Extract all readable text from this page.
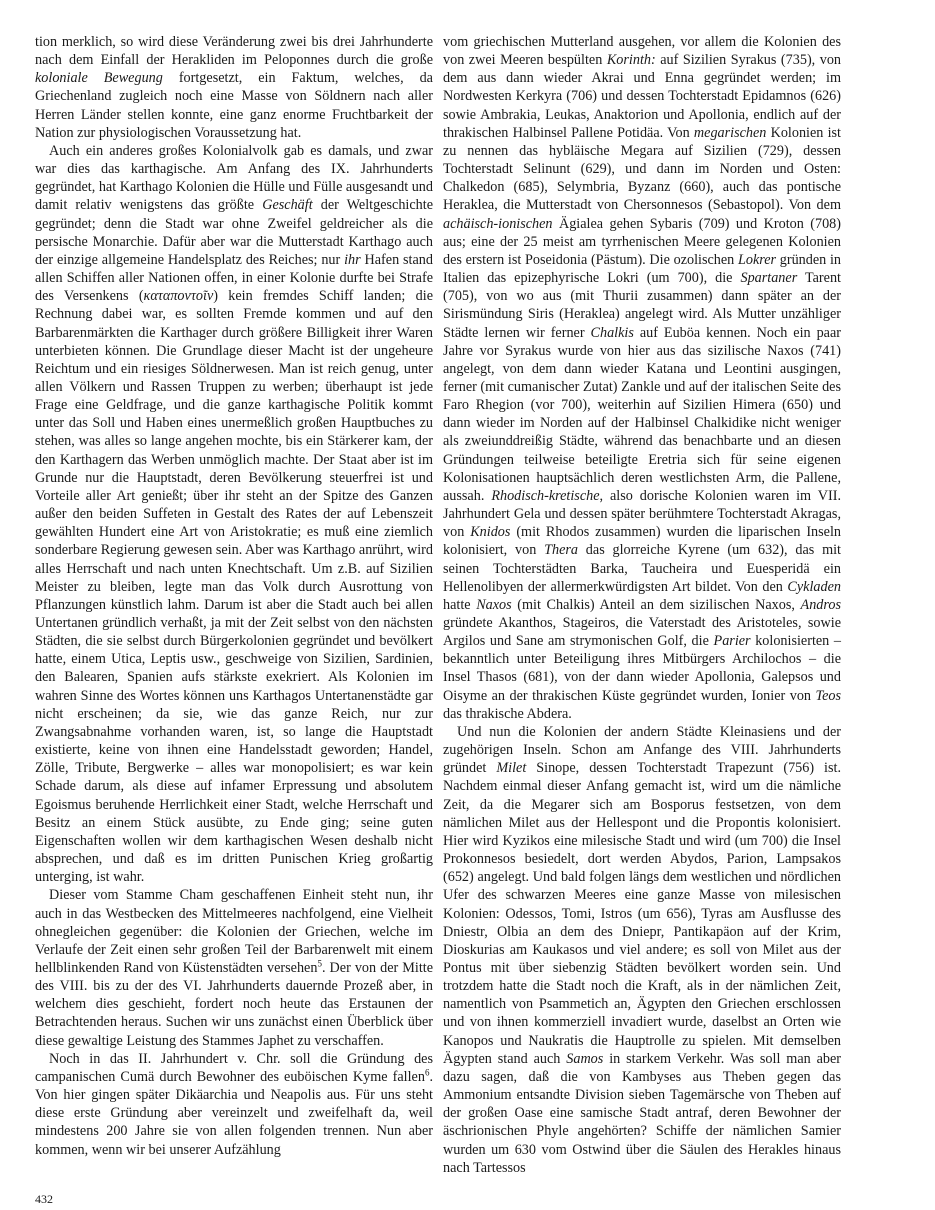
tion merklich, so wird diese Veränderung zwei bis drei Jahrhunderte nach dem Einfall der Herakliden im Peloponnes durch die große koloniale Bewegung fortgesetzt, ein Faktum, welches, da Griechenland zugleich noch eine Masse von Söldnern nach aller Herren Länder stellen konnte, eine ganz enorme Fruchtbarkeit der Nation zur physiologischen Voraussetzung hat.

Auch ein anderes großes Kolonialvolk gab es damals, und zwar war dies das karthagische. Am Anfang des IX. Jahrhunderts gegründet, hat Karthago Kolonien die Hülle und Fülle ausgesandt und damit relativ wenigstens das größte Geschäft der Weltgeschichte gegründet; denn die Stadt war ohne Zweifel geldreicher als die persische Monarchie. Dafür aber war die Mutterstadt Karthago auch der einzige allgemeine Handelsplatz des Reiches; nur ihr Hafen stand allen Schiffen aller Nationen offen, in einer Kolonie durfte bei Strafe des Versenkens (καταποντοῖν) kein fremdes Schiff landen; die Rechnung dabei war, es sollten Fremde kommen und auf den Barbarenmärkten die Karthager durch größere Billigkeit ihrer Waren unterbieten können. Die Grundlage dieser Macht ist der ungeheure Reichtum und ein riesiges Söldnerwesen. Man ist reich genug, unter allen Völkern und Rassen Truppen zu werben; überhaupt ist jede Frage eine Geldfrage, und die ganze karthagische Politik kommt unter das Soll und Haben eines unermeßlich großen Hauptbuches zu stehen, was alles so lange angehen mochte, bis ein Stärkerer kam, der den Karthagern das Werben unmöglich machte. Der Staat aber ist im Grunde nur die Hauptstadt, deren Bevölkerung steuerfrei ist und Vorteile aller Art genießt; über ihr steht an der Spitze des Ganzen außer den beiden Suffeten in Gestalt des Rates der auf Lebenszeit gewählten Hundert eine Art von Aristokratie; es muß eine ziemlich sonderbare Regierung gewesen sein. Aber was Karthago anrührt, wird alles Herrschaft und nach unten Knechtschaft. Um z.B. auf Sizilien Meister zu bleiben, legte man das Volk durch Ausrottung von Pflanzungen künstlich lahm. Darum ist aber die Stadt auch bei allen Untertanen gründlich verhaßt, ja mit der Zeit selbst von den nächsten Städten, die sie selbst durch Bürgerkolonien gegründet und bevölkert hatte, einem Utica, Leptis usw., geschweige von Sizilien, Sardinien, den Balearen, Spanien aufs stärkste exekriert. Als Kolonien im wahren Sinne des Wortes können uns Karthagos Untertanenstädte gar nicht erscheinen; da sie, wie das ganze Reich, nur zur Zwangsabnahme vorhanden waren, ist, so lange die Hauptstadt existierte, keine von ihnen eine Handelsstadt geworden; Handel, Zölle, Tribute, Bergwerke – alles war monopolisiert; es war kein Schade darum, als diese auf infamer Erpressung und absolutem Egoismus beruhende Herrlichkeit einer Stadt, welche Herrschaft und Besitz an einem Stück ausübte, zu Ende ging; seine guten Eigenschaften wollen wir dem karthagischen Wesen deshalb nicht absprechen, und daß es im dritten Punischen Krieg großartig unterging, ist wahr.

Dieser vom Stamme Cham geschaffenen Einheit steht nun, ihr auch in das Westbecken des Mittelmeeres nachfolgend, eine Vielheit ohnegleichen gegenüber: die Kolonien der Griechen, welche im Verlaufe der Zeit einen sehr großen Teil der Barbarenwelt mit einem hellblinkenden Rand von Küstenstädten versehen$^5$. Der von der Mitte des VIII. bis zu der des VI. Jahrhunderts dauernde Prozeß aber, in welchem dies geschieht, fordert noch heute das Erstaunen der Betrachtenden heraus. Suchen wir uns zunächst einen Überblick über diese gewaltige Leistung des Stammes Japhet zu verschaffen.

Noch in das II. Jahrhundert v. Chr. soll die Gründung des campanischen Cumä durch Bewohner des euböischen Kyme fallen$^6$. Von hier gingen später Dikäarchia und Neapolis aus. Für uns steht diese erste Gründung aber vereinzelt und zweifelhaft da, weil mindestens 200 Jahre sie von allen folgenden trennen. Nun aber kommen, wenn wir bei unserer Aufzählung

vom griechischen Mutterland ausgehen, vor allem die Kolonien des von zwei Meeren bespülten Korinth: auf Sizilien Syrakus (735), von dem aus dann wieder Akrai und Enna gegründet werden; im Nordwesten Kerkyra (706) und dessen Tochterstadt Epidamnos (626) sowie Ambrakia, Leukas, Anaktorion und Apollonia, endlich auf der thrakischen Halbinsel Pallene Potidäa. Von megarischen Kolonien ist zu nennen das hybläische Megara auf Sizilien (729), dessen Tochterstadt Selinunt (629), und dann im Norden und Osten: Chalkedon (685), Selymbria, Byzanz (660), auch das pontische Heraklea, die Mutterstadt von Chersonnesos (Sebastopol). Von dem achäisch-ionischen Ägialea gehen Sybaris (709) und Kroton (708) aus; eine der 25 meist am tyrrhenischen Meere gelegenen Kolonien des erstern ist Poseidonia (Pästum). Die ozolischen Lokrer gründen in Italien das epizephyrische Lokri (um 700), die Spartaner Tarent (705), von wo aus (mit Thurii zusammen) dann später an der Sirismündung Siris (Heraklea) angelegt wird. Als Mutter unzähliger Städte lernen wir ferner Chalkis auf Euböa kennen. Noch ein paar Jahre vor Syrakus wurde von hier aus das sizilische Naxos (741) angelegt, von dem dann wieder Katana und Leontini ausgingen, ferner (mit cumanischer Zutat) Zankle und auf der italischen Seite des Faro Rhegion (vor 700), weiterhin auf Sizilien Himera (650) und dann wieder im Norden auf der Halbinsel Chalkidike nicht weniger als zweiunddreißig Städte, während das benachbarte und an diesen Gründungen teilweise beteiligte Eretria sich für seine eigenen Kolonisationen hauptsächlich deren westlichsten Arm, die Pallene, aussah. Rhodisch-kretische, also dorische Kolonien waren im VII. Jahrhundert Gela und dessen später berühmtere Tochterstadt Akragas, von Knidos (mit Rhodos zusammen) wurden die liparischen Inseln kolonisiert, von Thera das glorreiche Kyrene (um 632), das mit seinen Tochterstädten Barka, Taucheira und Euesperidä ein Hellenolibyen der allermerkwürdigsten Art bildet. Von den Cykladen hatte Naxos (mit Chalkis) Anteil an dem sizilischen Naxos, Andros gründete Akanthos, Stageiros, die Vaterstadt des Aristoteles, sowie Argilos und Sane am strymonischen Golf, die Parier kolonisierten – bekanntlich unter Beteiligung ihres Mitbürgers Archilochos – die Insel Thasos (681), von der dann wieder Apollonia, Galepsos und Oisyme an der thrakischen Küste gegründet wurden, Ionier von Teos das thrakische Abdera.

Und nun die Kolonien der andern Städte Kleinasiens und der zugehörigen Inseln. Schon am Anfange des VIII. Jahrhunderts gründet Milet Sinope, dessen Tochterstadt Trapezunt (756) ist. Nachdem einmal dieser Anfang gemacht ist, wird um die nämliche Zeit, da die Megarer sich am Bosporus festsetzen, von dem nämlichen Milet aus der Hellespont und die Propontis kolonisiert. Hier wird Kyzikos eine milesische Stadt und wird (um 700) die Insel Prokonnesos besiedelt, dort werden Abydos, Parion, Lampsakos (652) angelegt. Und bald folgen längs dem westlichen und nördlichen Ufer des schwarzen Meeres eine ganze Masse von milesischen Kolonien: Odessos, Tomi, Istros (um 656), Tyras am Ausflusse des Dniestr, Olbia an dem des Dniepr, Pantikapäon auf der Krim, Dioskurias am Kaukasos und viel andere; es soll von Milet aus der Pontus mit über siebenzig Städten bevölkert worden sein. Und trotzdem hatte die Stadt noch die Kraft, als in der nämlichen Zeit, namentlich von Psammetich an, Ägypten den Griechen erschlossen und von ihnen kommerziell invadiert wurde, daselbst an Orten wie Kanopos und Naukratis die Hauptrolle zu spielen. Mit demselben Ägypten stand auch Samos in starkem Verkehr. Was soll man aber dazu sagen, daß die von Kambyses aus Theben gegen das Ammonium entsandte Division sieben Tagemärsche von Theben auf der großen Oase eine samische Stadt antraf, deren Bewohner der äschrionischen Phyle angehörten? Schiffe der nämlichen Samier wurden um 630 vom Ostwind über die Säulen des Herakles hinaus nach Tartessos

432
